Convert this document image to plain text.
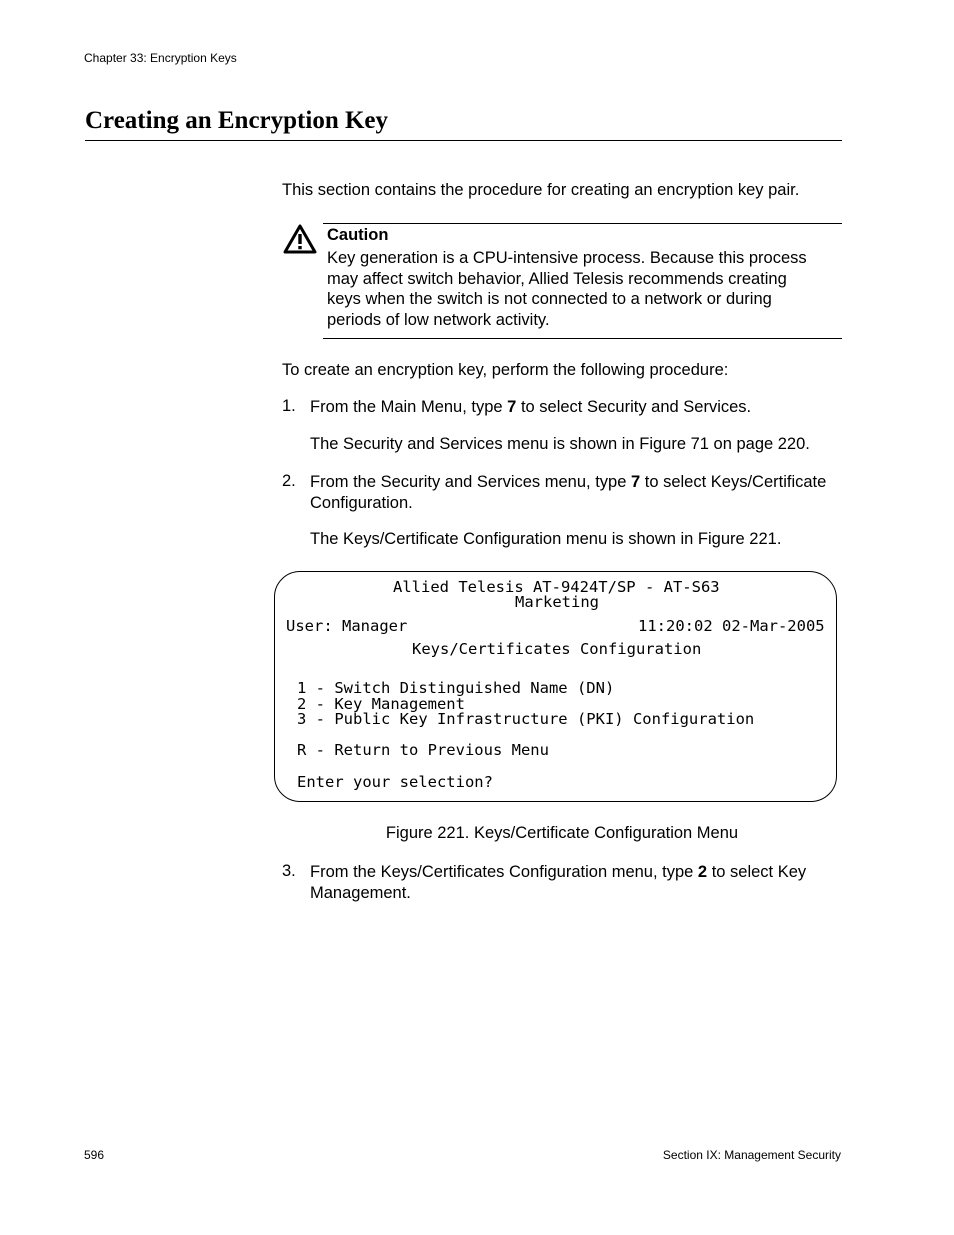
Chapter 33: Encryption Keys
Creating an Encryption Key
This section contains the procedure for creating an encryption key pair.
Caution
Key generation is a CPU-intensive process. Because this process
may affect switch behavior, Allied Telesis recommends creating
keys when the switch is not connected to a network or during
periods of low network activity.
To create an encryption key, perform the following procedure:
1. From the Main Menu, type 7 to select Security and Services.
The Security and Services menu is shown in Figure 71 on page 220.
2. From the Security and Services menu, type 7 to select Keys/Certificate
Configuration.
The Keys/Certificate Configuration menu is shown in Figure 221.
Allied Telesis AT-9424T/SP - AT-S63
Marketing
User: Manager	11:20:02 02-Mar-2005
Keys/Certificates Configuration
1 - Switch Distinguished Name (DN)
2 - Key Management
3 - Public Key Infrastructure (PKI) Configuration
R - Return to Previous Menu
Enter your selection?
Figure 221. Keys/Certificate Configuration Menu
3. From the Keys/Certificates Configuration menu, type 2 to select Key
Management.
596	Section IX: Management Security
